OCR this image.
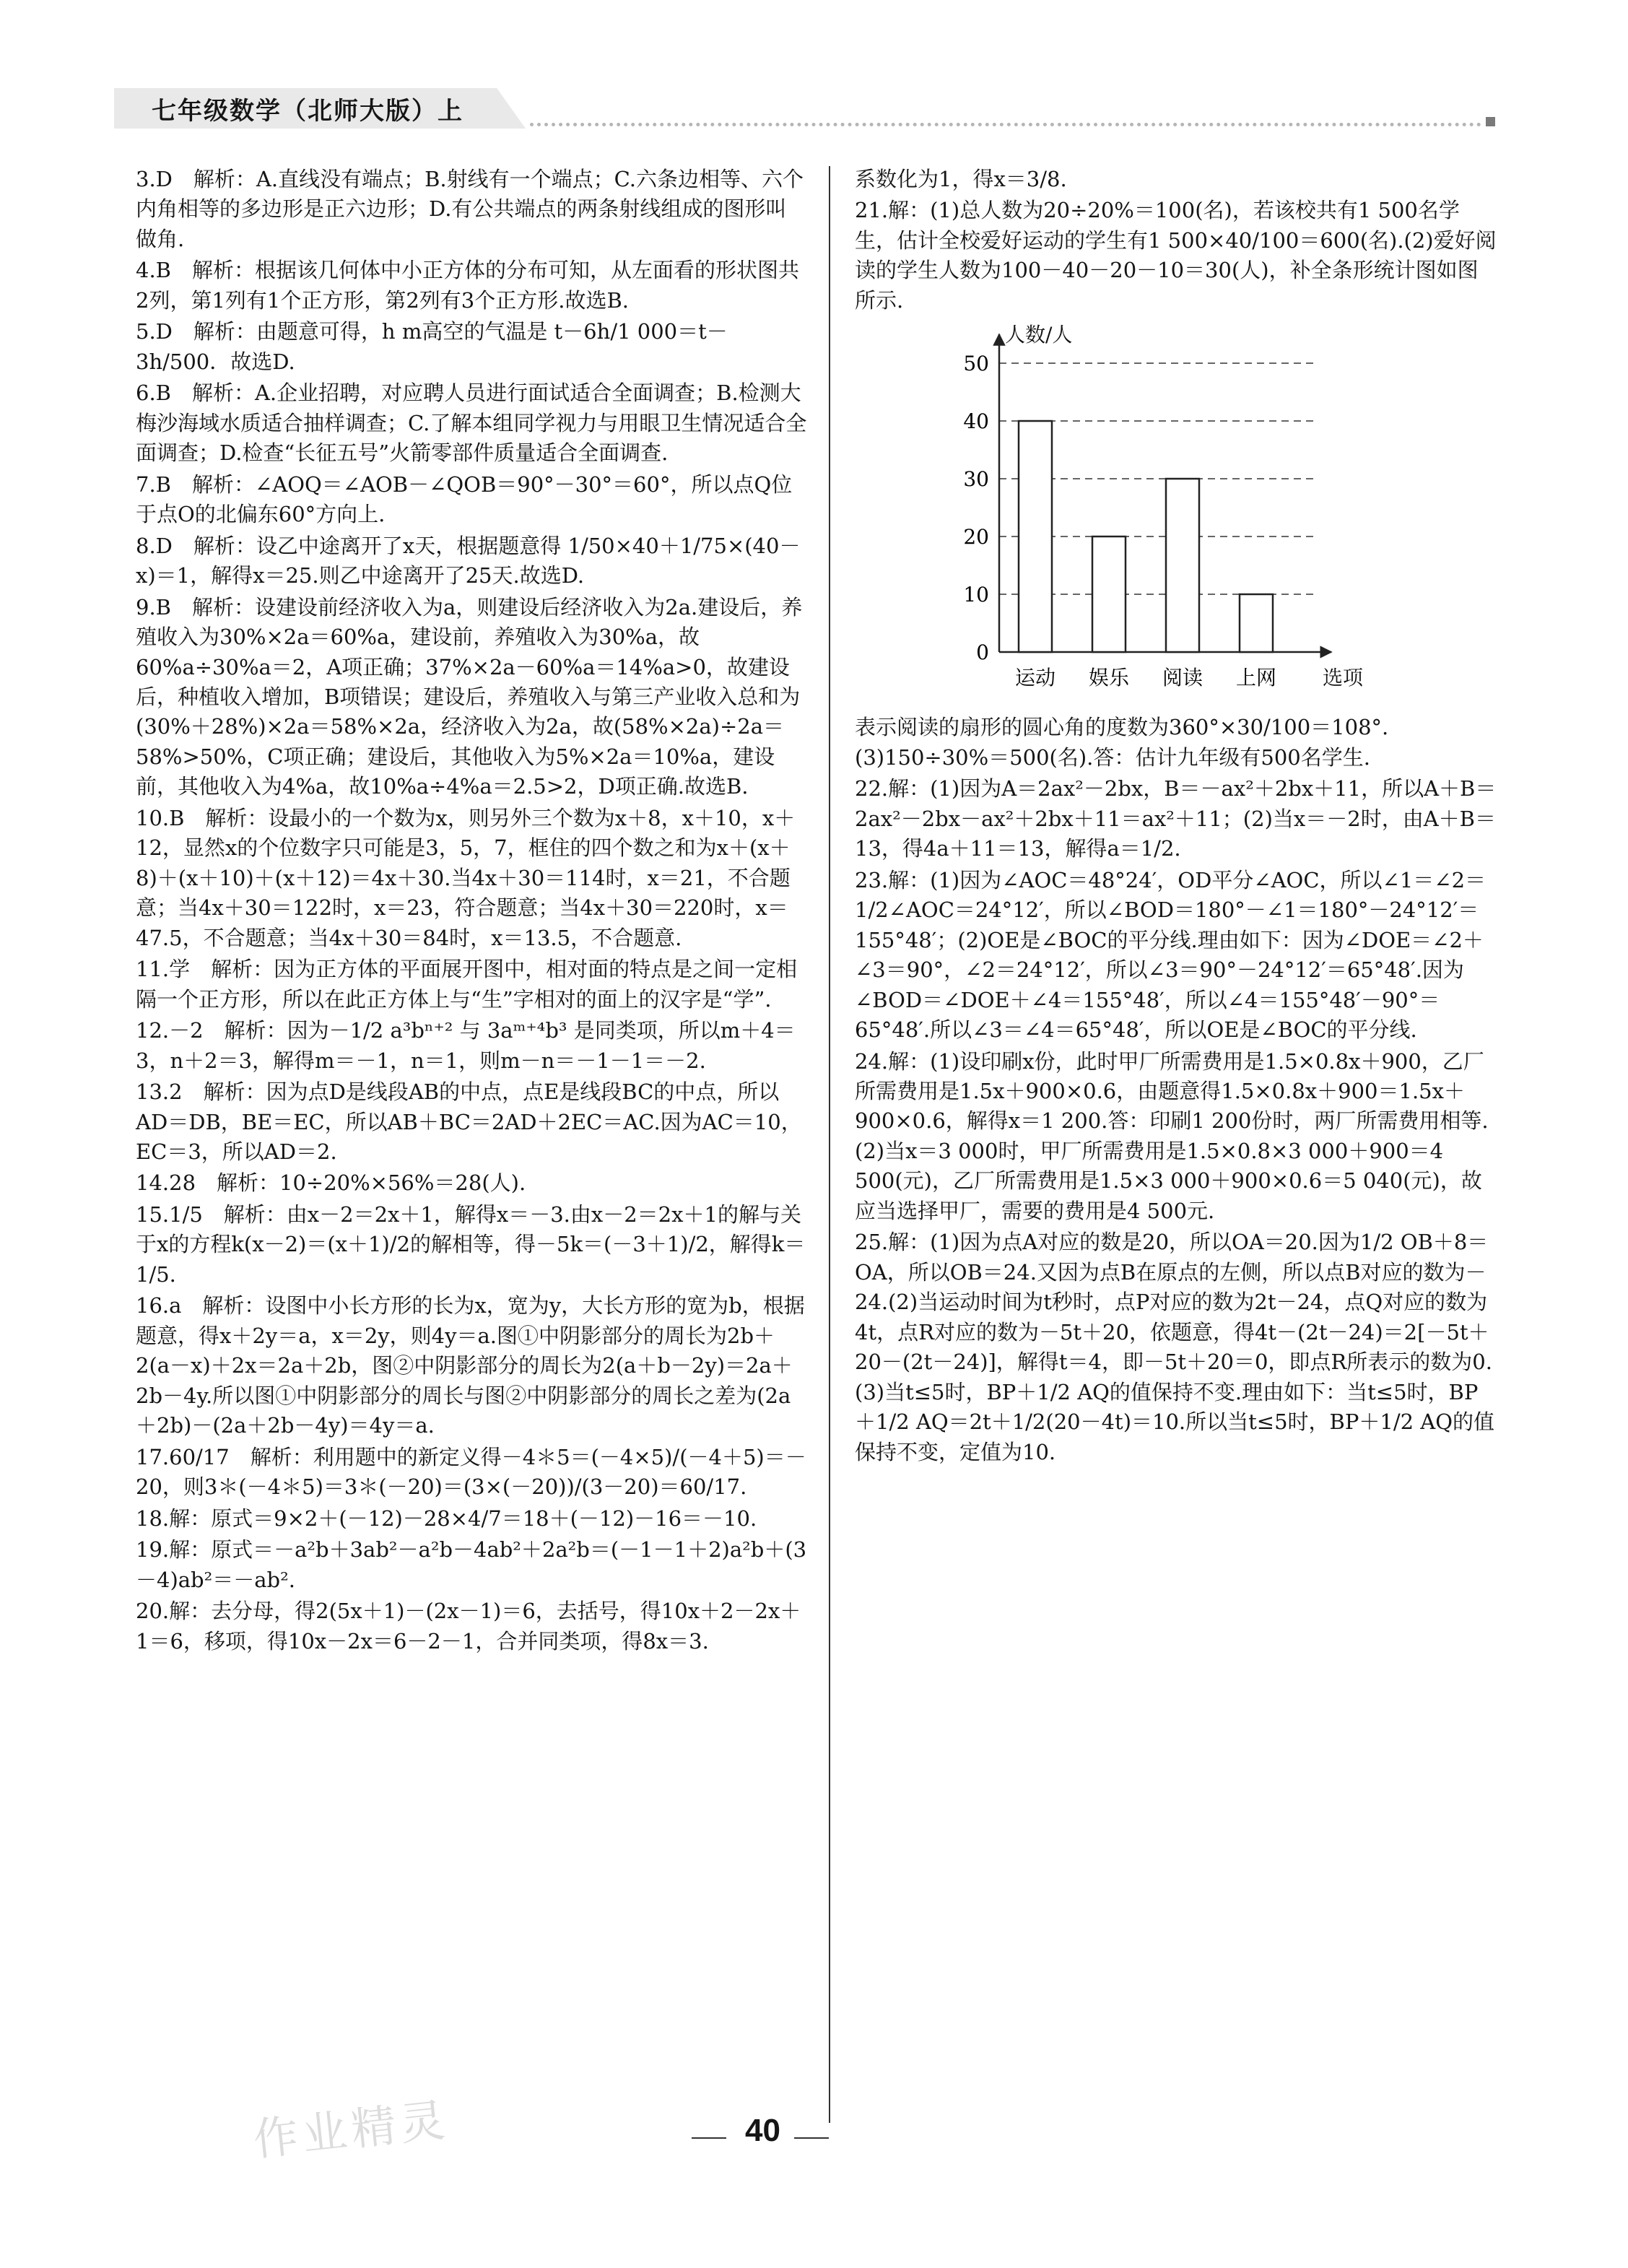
七年级数学（北师大版）上
3.D　解析：A.直线没有端点；B.射线有一个端点；C.六条边相等、六个内角相等的多边形是正六边形；D.有公共端点的两条射线组成的图形叫做角.
4.B　解析：根据该几何体中小正方体的分布可知，从左面看的形状图共2列，第1列有1个正方形，第2列有3个正方形.故选B.
5.D　解析：由题意可得，h m高空的气温是 t－6h/1 000＝t－3h/500．故选D.
6.B　解析：A.企业招聘，对应聘人员进行面试适合全面调查；B.检测大梅沙海域水质适合抽样调查；C.了解本组同学视力与用眼卫生情况适合全面调查；D.检查“长征五号”火箭零部件质量适合全面调查.
7.B　解析：∠AOQ＝∠AOB－∠QOB＝90°－30°＝60°，所以点Q位于点O的北偏东60°方向上.
8.D　解析：设乙中途离开了x天，根据题意得 1/50×40＋1/75×(40－x)＝1，解得x＝25.则乙中途离开了25天.故选D.
9.B　解析：设建设前经济收入为a，则建设后经济收入为2a.建设后，养殖收入为30%×2a＝60%a，建设前，养殖收入为30%a，故60%a÷30%a＝2，A项正确；37%×2a－60%a＝14%a>0，故建设后，种植收入增加，B项错误；建设后，养殖收入与第三产业收入总和为(30%＋28%)×2a＝58%×2a，经济收入为2a，故(58%×2a)÷2a＝58%>50%，C项正确；建设后，其他收入为5%×2a＝10%a，建设前，其他收入为4%a，故10%a÷4%a＝2.5>2，D项正确.故选B.
10.B　解析：设最小的一个数为x，则另外三个数为x＋8，x＋10，x＋12，显然x的个位数字只可能是3，5，7，框住的四个数之和为x＋(x＋8)＋(x＋10)＋(x＋12)＝4x＋30.当4x＋30＝114时，x＝21，不合题意；当4x＋30＝122时，x＝23，符合题意；当4x＋30＝220时，x＝47.5，不合题意；当4x＋30＝84时，x＝13.5，不合题意.
11.学　解析：因为正方体的平面展开图中，相对面的特点是之间一定相隔一个正方形，所以在此正方体上与“生”字相对的面上的汉字是“学”.
12.－2　解析：因为－1/2 a³bⁿ⁺² 与 3aᵐ⁺⁴b³ 是同类项，所以m＋4＝3，n＋2＝3，解得m＝－1，n＝1，则m－n＝－1－1＝－2.
13.2　解析：因为点D是线段AB的中点，点E是线段BC的中点，所以AD＝DB，BE＝EC，所以AB＋BC＝2AD＋2EC＝AC.因为AC＝10，EC＝3，所以AD＝2.
14.28　解析：10÷20%×56%＝28(人).
15.1/5　解析：由x－2＝2x＋1，解得x＝－3.由x－2＝2x＋1的解与关于x的方程k(x－2)＝(x＋1)/2的解相等，得－5k＝(－3＋1)/2，解得k＝1/5.
16.a　解析：设图中小长方形的长为x，宽为y，大长方形的宽为b，根据题意，得x＋2y＝a，x＝2y，则4y＝a.图①中阴影部分的周长为2b＋2(a－x)＋2x＝2a＋2b，图②中阴影部分的周长为2(a＋b－2y)＝2a＋2b－4y.所以图①中阴影部分的周长与图②中阴影部分的周长之差为(2a＋2b)－(2a＋2b－4y)＝4y＝a.
17.60/17　解析：利用题中的新定义得－4＊5＝(－4×5)/(－4＋5)＝－20，则3＊(－4＊5)＝3＊(－20)＝(3×(－20))/(3－20)＝60/17.
18.解：原式＝9×2＋(－12)－28×4/7＝18＋(－12)－16＝－10.
19.解：原式＝－a²b＋3ab²－a²b－4ab²＋2a²b＝(－1－1＋2)a²b＋(3－4)ab²＝－ab².
20.解：去分母，得2(5x＋1)－(2x－1)＝6，去括号，得10x＋2－2x＋1＝6，移项，得10x－2x＝6－2－1，合并同类项，得8x＝3.
系数化为1，得x＝3/8.
21.解：(1)总人数为20÷20%＝100(名)，若该校共有1 500名学生，估计全校爱好运动的学生有1 500×40/100＝600(名).(2)爱好阅读的学生人数为100－40－20－10＝30(人)，补全条形统计图如图所示.
人数/人
选项
0
10
20
30
40
50
运动 娱乐 阅读 上网
表示阅读的扇形的圆心角的度数为360°×30/100＝108°.(3)150÷30%＝500(名).答：估计九年级有500名学生.
22.解：(1)因为A＝2ax²－2bx，B＝－ax²＋2bx＋11，所以A＋B＝2ax²－2bx－ax²＋2bx＋11＝ax²＋11；(2)当x＝－2时，由A＋B＝13，得4a＋11＝13，解得a＝1/2.
23.解：(1)因为∠AOC＝48°24′，OD平分∠AOC，所以∠1＝∠2＝1/2∠AOC＝24°12′，所以∠BOD＝180°－∠1＝180°－24°12′＝155°48′；(2)OE是∠BOC的平分线.理由如下：因为∠DOE＝∠2＋∠3＝90°，∠2＝24°12′，所以∠3＝90°－24°12′＝65°48′.因为∠BOD＝∠DOE＋∠4＝155°48′，所以∠4＝155°48′－90°＝65°48′.所以∠3＝∠4＝65°48′，所以OE是∠BOC的平分线.
24.解：(1)设印刷x份，此时甲厂所需费用是1.5×0.8x＋900，乙厂所需费用是1.5x＋900×0.6，由题意得1.5×0.8x＋900＝1.5x＋900×0.6，解得x＝1 200.答：印刷1 200份时，两厂所需费用相等.(2)当x＝3 000时，甲厂所需费用是1.5×0.8×3 000＋900＝4 500(元)，乙厂所需费用是1.5×3 000＋900×0.6＝5 040(元)，故应当选择甲厂，需要的费用是4 500元.
25.解：(1)因为点A对应的数是20，所以OA＝20.因为1/2 OB＋8＝OA，所以OB＝24.又因为点B在原点的左侧，所以点B对应的数为－24.(2)当运动时间为t秒时，点P对应的数为2t－24，点Q对应的数为4t，点R对应的数为－5t＋20，依题意，得4t－(2t－24)＝2[－5t＋20－(2t－24)]，解得t＝4，即－5t＋20＝0，即点R所表示的数为0.(3)当t≤5时，BP＋1/2 AQ的值保持不变.理由如下：当t≤5时，BP＋1/2 AQ＝2t＋1/2(20－4t)＝10.所以当t≤5时，BP＋1/2 AQ的值保持不变，定值为10.
40
作业精灵
